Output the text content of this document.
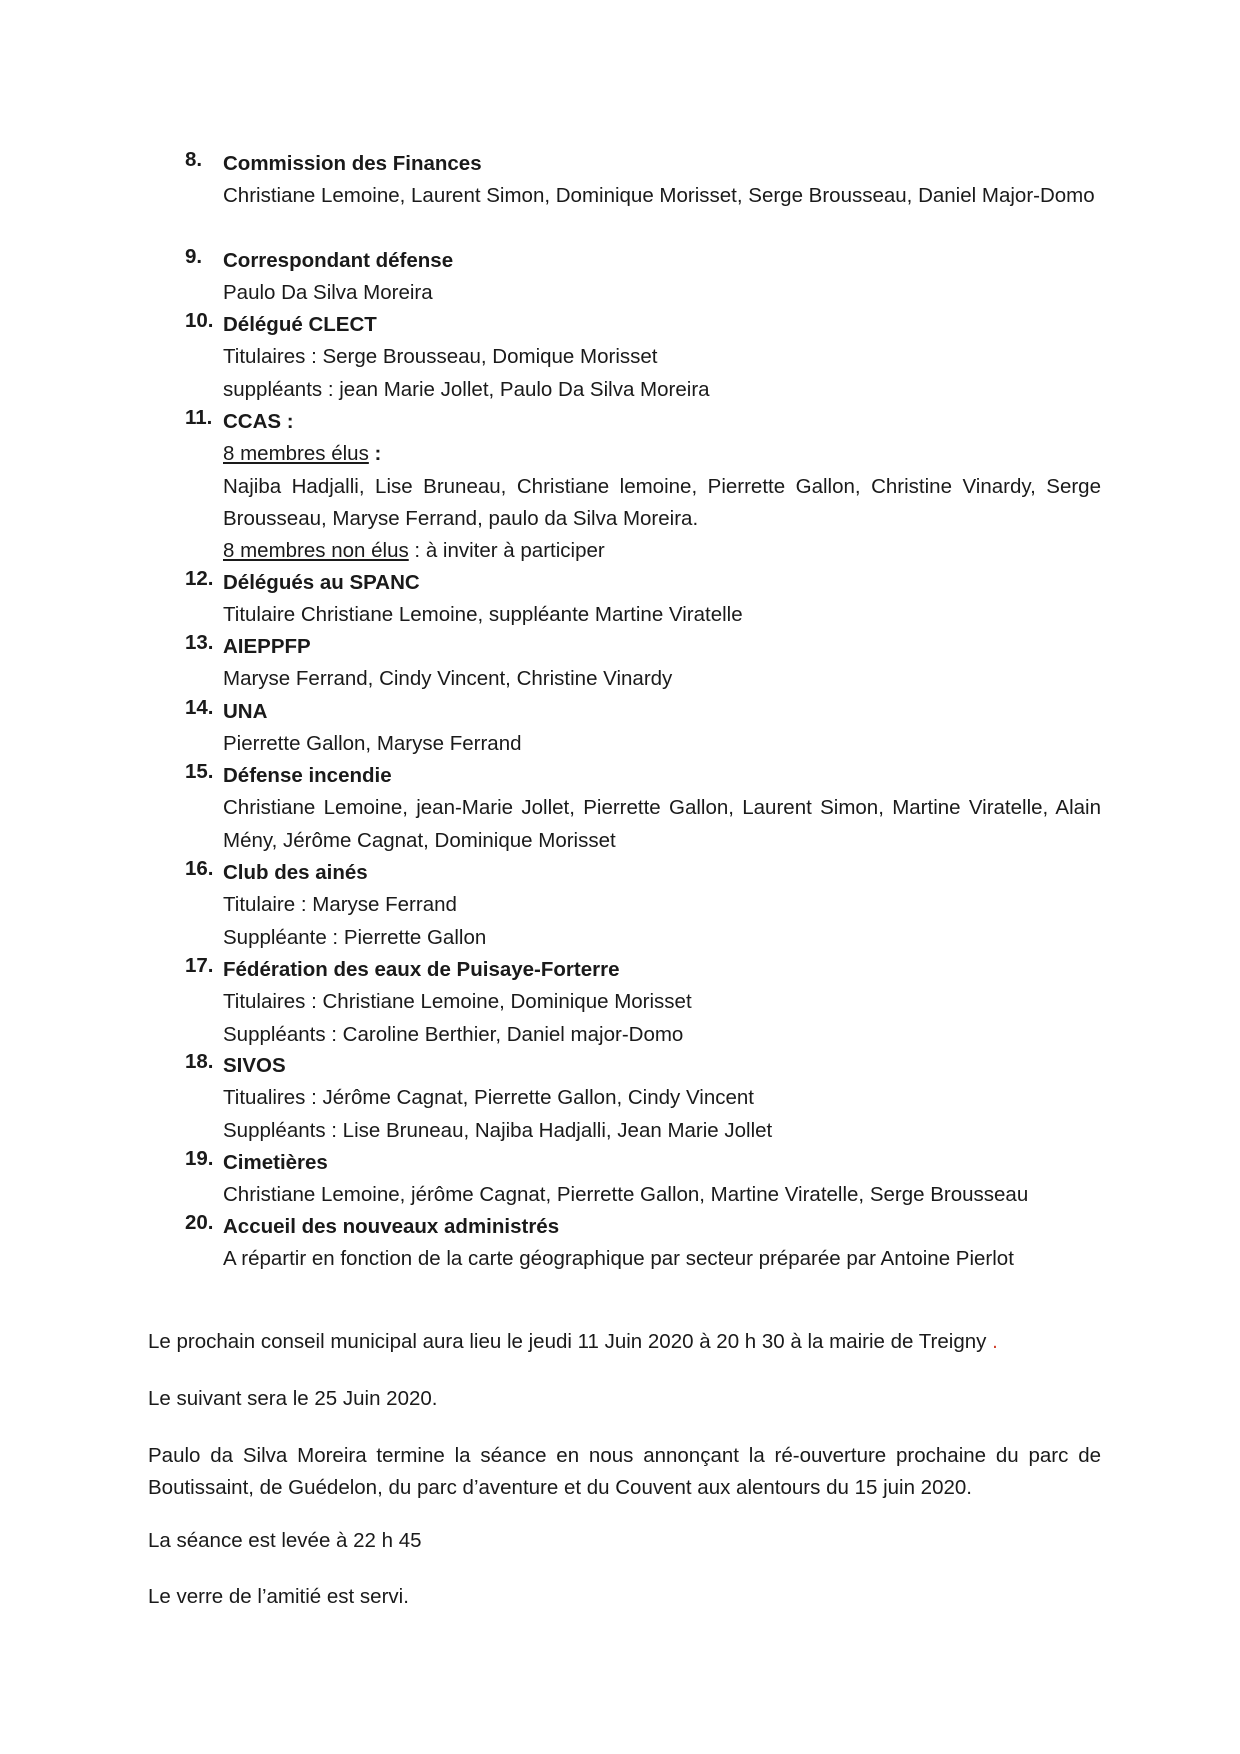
8. Commission des Finances
Christiane Lemoine, Laurent Simon, Dominique Morisset, Serge Brousseau, Daniel Major-Domo
9. Correspondant défense
Paulo Da Silva Moreira
10. Délégué CLECT
Titulaires : Serge Brousseau, Domique Morisset
suppléants : jean Marie Jollet, Paulo Da Silva Moreira
11. CCAS :
8 membres élus :
Najiba Hadjalli, Lise Bruneau, Christiane lemoine, Pierrette Gallon, Christine Vinardy, Serge Brousseau, Maryse Ferrand, paulo da Silva Moreira.
8 membres non élus : à inviter à participer
12. Délégués au SPANC
Titulaire Christiane Lemoine, suppléante Martine Viratelle
13. AIEPPFP
Maryse Ferrand, Cindy Vincent, Christine Vinardy
14. UNA
Pierrette Gallon, Maryse Ferrand
15. Défense incendie
Christiane Lemoine, jean-Marie Jollet, Pierrette Gallon, Laurent Simon, Martine Viratelle, Alain Mény, Jérôme Cagnat, Dominique Morisset
16. Club des ainés
Titulaire : Maryse Ferrand
Suppléante : Pierrette Gallon
17. Fédération des eaux de Puisaye-Forterre
Titulaires : Christiane Lemoine, Dominique Morisset
Suppléants : Caroline Berthier, Daniel major-Domo
18. SIVOS
Titualires : Jérôme Cagnat, Pierrette Gallon, Cindy Vincent
Suppléants : Lise Bruneau, Najiba Hadjalli, Jean Marie Jollet
19. Cimetières
Christiane Lemoine, jérôme Cagnat, Pierrette Gallon, Martine Viratelle, Serge Brousseau
20. Accueil des nouveaux administrés
A répartir en fonction de la carte géographique par secteur préparée par Antoine Pierlot
Le prochain conseil municipal aura lieu le jeudi 11 Juin 2020 à 20 h 30 à la mairie de Treigny .
Le suivant sera le 25 Juin 2020.
Paulo da Silva Moreira termine la séance en nous annonçant la ré-ouverture prochaine du parc de Boutissaint, de Guédelon, du parc d’aventure et du Couvent aux alentours du 15 juin 2020.
La séance est levée à 22 h 45
Le verre de l’amitié est servi.
